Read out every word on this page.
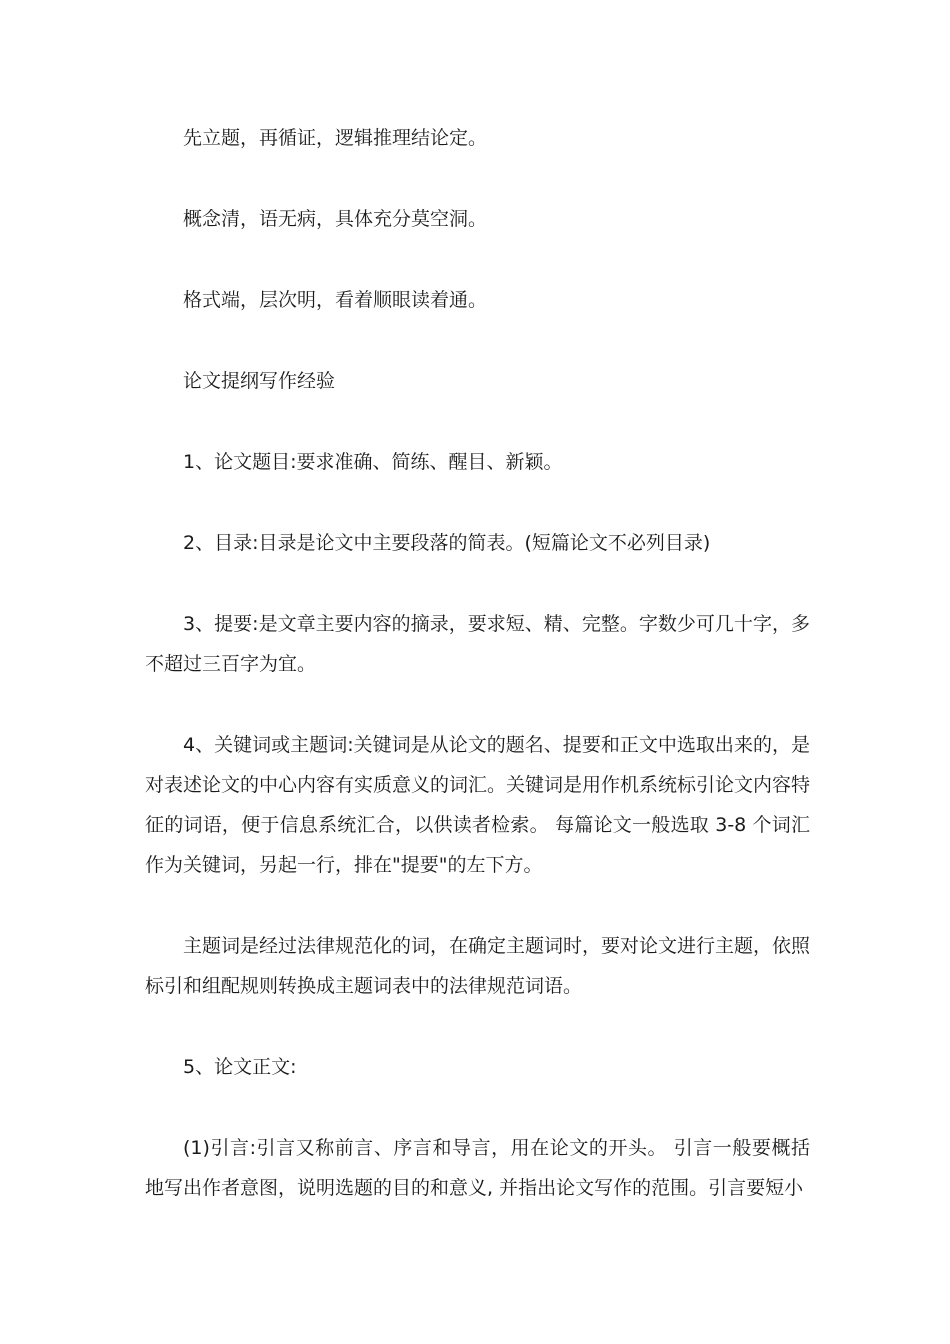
先立题，再循证，逻辑推理结论定。

概念清，语无病，具体充分莫空洞。

格式端，层次明，看着顺眼读着通。

论文提纲写作经验

1、论文题目:要求准确、简练、醒目、新颖。

2、目录:目录是论文中主要段落的简表。(短篇论文不必列目录)

3、提要:是文章主要内容的摘录，要求短、精、完整。字数少可几十字，多不超过三百字为宜。

4、关键词或主题词:关键词是从论文的题名、提要和正文中选取出来的，是对表述论文的中心内容有实质意义的词汇。关键词是用作机系统标引论文内容特征的词语，便于信息系统汇合，以供读者检索。 每篇论文一般选取 3-8 个词汇作为关键词，另起一行，排在"提要"的左下方。

主题词是经过法律规范化的词，在确定主题词时，要对论文进行主题，依照标引和组配规则转换成主题词表中的法律规范词语。

5、论文正文:

(1)引言:引言又称前言、序言和导言，用在论文的开头。 引言一般要概括地写出作者意图，说明选题的目的和意义, 并指出论文写作的范围。引言要短小
